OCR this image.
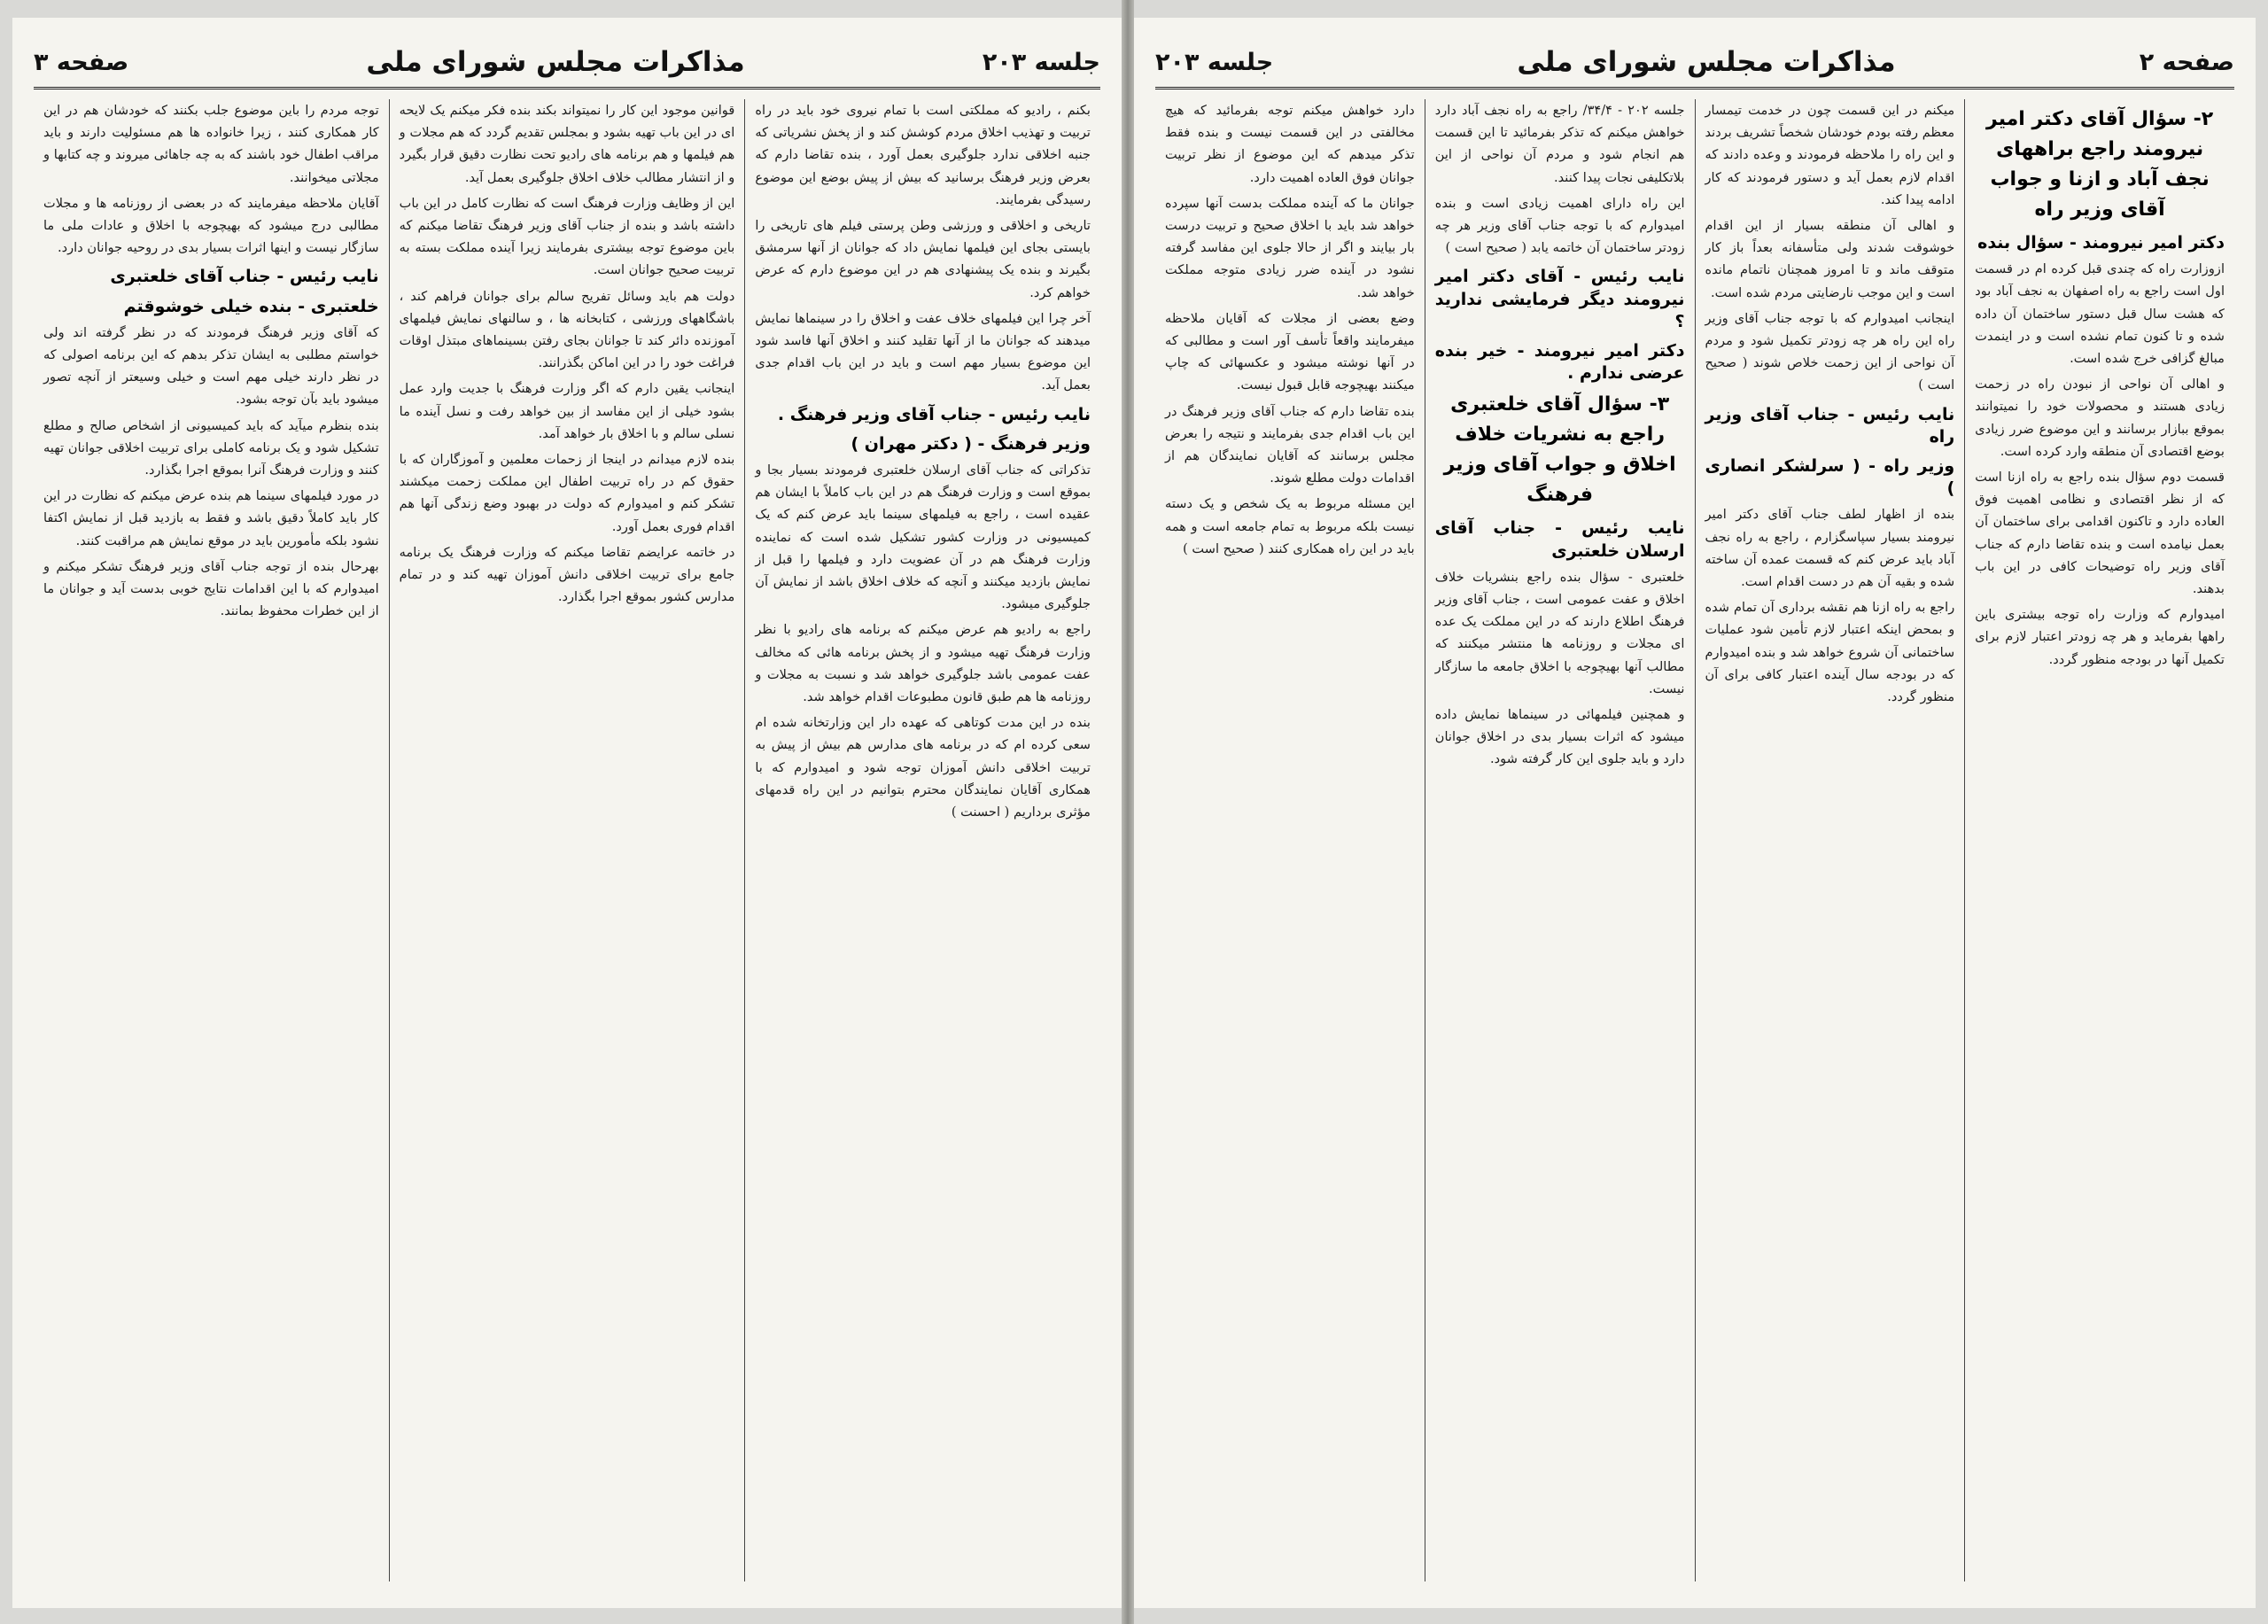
صفحه ۳	مذاکرات مجلس شورای ملی	جلسه ۲۰۳

بکنم ، رادیو که مملکتی است با تمام نیروی خود باید در راه تربیت و تهذیب اخلاق مردم کوشش کند و از پخش نشریاتی که جنبه اخلاقی ندارد جلوگیری بعمل آورد ، بنده تقاضا دارم که بعرض وزیر فرهنگ برسانید که بیش از پیش بوضع این موضوع رسیدگی بفرمایند.

تاریخی و اخلاقی و ورزشی وطن پرستی فیلم های تاریخی را بایستی بجای این فیلمها نمایش داد که جوانان از آنها سرمشق بگیرند و بنده یک پیشنهادی هم در این موضوع دارم که عرض خواهم کرد.

آخر چرا این فیلمهای خلاف عفت و اخلاق را در سینماها نمایش میدهند که جوانان ما از آنها تقلید کنند و اخلاق آنها فاسد شود این موضوع بسیار مهم است و باید در این باب اقدام جدی بعمل آید.

نایب رئیس - جناب آقای وزیر فرهنگ .
وزیر فرهنگ - ( دکتر مهران )

تذکراتی که جناب آقای ارسلان خلعتبری فرمودند بسیار بجا و بموقع است و وزارت فرهنگ هم در این باب کاملاً با ایشان هم عقیده است ، راجع به فیلمهای سینما باید عرض کنم که یک کمیسیونی در وزارت کشور تشکیل شده است که نماینده وزارت فرهنگ هم در آن عضویت دارد و فیلمها را قبل از نمایش بازدید میکنند و آنچه که خلاف اخلاق باشد از نمایش آن جلوگیری میشود.

راجع به رادیو هم عرض میکنم که برنامه های رادیو با نظر وزارت فرهنگ تهیه میشود و از پخش برنامه هائی که مخالف عفت عمومی باشد جلوگیری خواهد شد و نسبت به مجلات و روزنامه ها هم طبق قانون مطبوعات اقدام خواهد شد.

بنده در این مدت کوتاهی که عهده دار این وزارتخانه شده ام سعی کرده ام که در برنامه های مدارس هم بیش از پیش به تربیت اخلاقی دانش آموزان توجه شود و امیدوارم که با همکاری آقایان نمایندگان محترم بتوانیم در این راه قدمهای مؤثری برداریم ( احسنت )

قوانین موجود این کار را نمیتواند بکند بنده فکر میکنم یک لایحه ای در این باب تهیه بشود و بمجلس تقدیم گردد که هم مجلات و هم فیلمها و هم برنامه های رادیو تحت نظارت دقیق قرار بگیرد و از انتشار مطالب خلاف اخلاق جلوگیری بعمل آید.

این از وظایف وزارت فرهنگ است که نظارت کامل در این باب داشته باشد و بنده از جناب آقای وزیر فرهنگ تقاضا میکنم که باین موضوع توجه بیشتری بفرمایند زیرا آینده مملکت بسته به تربیت صحیح جوانان است.

دولت هم باید وسائل تفریح سالم برای جوانان فراهم کند ، باشگاههای ورزشی ، کتابخانه ها ، و سالنهای نمایش فیلمهای آموزنده دائر کند تا جوانان بجای رفتن بسینماهای مبتذل اوقات فراغت خود را در این اماکن بگذرانند.

اینجانب یقین دارم که اگر وزارت فرهنگ با جدیت وارد عمل بشود خیلی از این مفاسد از بین خواهد رفت و نسل آینده ما نسلی سالم و با اخلاق بار خواهد آمد.

بنده لازم میدانم در اینجا از زحمات معلمین و آموزگاران که با حقوق کم در راه تربیت اطفال این مملکت زحمت میکشند تشکر کنم و امیدوارم که دولت در بهبود وضع زندگی آنها هم اقدام فوری بعمل آورد.

در خاتمه عرایضم تقاضا میکنم که وزارت فرهنگ یک برنامه جامع برای تربیت اخلاقی دانش آموزان تهیه کند و در تمام مدارس کشور بموقع اجرا بگذارد.

توجه مردم را باین موضوع جلب بکنند که خودشان هم در این کار همکاری کنند ، زیرا خانواده ها هم مسئولیت دارند و باید مراقب اطفال خود باشند که به چه جاهائی میروند و چه کتابها و مجلاتی میخوانند.

آقایان ملاحظه میفرمایند که در بعضی از روزنامه ها و مجلات مطالبی درج میشود که بهیچوجه با اخلاق و عادات ملی ما سازگار نیست و اینها اثرات بسیار بدی در روحیه جوانان دارد.

نایب رئیس - جناب آقای خلعتبری
خلعتبری - بنده خیلی خوشوقتم

که آقای وزیر فرهنگ فرمودند که در نظر گرفته اند ولی خواستم مطلبی به ایشان تذکر بدهم که این برنامه اصولی که در نظر دارند خیلی مهم است و خیلی وسیعتر از آنچه تصور میشود باید بآن توجه بشود.

بنده بنظرم میآید که باید کمیسیونی از اشخاص صالح و مطلع تشکیل شود و یک برنامه کاملی برای تربیت اخلاقی جوانان تهیه کنند و وزارت فرهنگ آنرا بموقع اجرا بگذارد.

در مورد فیلمهای سینما هم بنده عرض میکنم که نظارت در این کار باید کاملاً دقیق باشد و فقط به بازدید قبل از نمایش اکتفا نشود بلکه مأمورین باید در موقع نمایش هم مراقبت کنند.

بهرحال بنده از توجه جناب آقای وزیر فرهنگ تشکر میکنم و امیدوارم که با این اقدامات نتایج خوبی بدست آید و جوانان ما از این خطرات محفوظ بمانند.

جلسه ۲۰۳	مذاکرات مجلس شورای ملی	صفحه ۲
۲- سؤال آقای دکتر امیر نیرومند راجع براههای نجف آباد و ازنا و جواب آقای وزیر راه
دکتر امیر نیرومند - سؤال بنده

ازوزارت راه که چندی قبل کرده ام در قسمت اول است راجع به راه اصفهان به نجف آباد بود که هشت سال قبل دستور ساختمان آن داده شده و تا کنون تمام نشده است و در اینمدت مبالغ گزافی خرج شده است.

و اهالی آن نواحی از نبودن راه در زحمت زیادی هستند و محصولات خود را نمیتوانند بموقع ببازار برسانند و این موضوع ضرر زیادی بوضع اقتصادی آن منطقه وارد کرده است.

قسمت دوم سؤال بنده راجع به راه ازنا است که از نظر اقتصادی و نظامی اهمیت فوق العاده دارد و تاکنون اقدامی برای ساختمان آن بعمل نیامده است و بنده تقاضا دارم که جناب آقای وزیر راه توضیحات کافی در این باب بدهند.

امیدوارم که وزارت راه توجه بیشتری باین راهها بفرماید و هر چه زودتر اعتبار لازم برای تکمیل آنها در بودجه منظور گردد.

میکنم در این قسمت چون در خدمت تیمسار معظم رفته بودم خودشان شخصاً تشریف بردند و این راه را ملاحظه فرمودند و وعده دادند که اقدام لازم بعمل آید و دستور فرمودند که کار ادامه پیدا کند.

و اهالی آن منطقه بسیار از این اقدام خوشوقت شدند ولی متأسفانه بعداً باز کار متوقف ماند و تا امروز همچنان ناتمام مانده است و این موجب نارضایتی مردم شده است.

اینجانب امیدوارم که با توجه جناب آقای وزیر راه این راه هر چه زودتر تکمیل شود و مردم آن نواحی از این زحمت خلاص شوند ( صحیح است )

نایب رئیس - جناب آقای وزیر راه
وزیر راه - ( سرلشکر انصاری )

بنده از اظهار لطف جناب آقای دکتر امیر نیرومند بسیار سپاسگزارم ، راجع به راه نجف آباد باید عرض کنم که قسمت عمده آن ساخته شده و بقیه آن هم در دست اقدام است.

راجع به راه ازنا هم نقشه برداری آن تمام شده و بمحض اینکه اعتبار لازم تأمین شود عملیات ساختمانی آن شروع خواهد شد و بنده امیدوارم که در بودجه سال آینده اعتبار کافی برای آن منظور گردد.

جلسه ۲۰۲ - ۳۴/۴/ راجع به راه نجف آباد دارد خواهش میکنم که تذکر بفرمائید تا این قسمت هم انجام شود و مردم آن نواحی از این بلاتکلیفی نجات پیدا کنند.

این راه دارای اهمیت زیادی است و بنده امیدوارم که با توجه جناب آقای وزیر هر چه زودتر ساختمان آن خاتمه یابد ( صحیح است )

نایب رئیس - آقای دکتر امیر نیرومند دیگر فرمایشی ندارید ؟
دکتر امیر نیرومند - خیر بنده عرضی ندارم .
۳- سؤال آقای خلعتبری راجع به نشریات خلاف اخلاق و جواب آقای وزیر فرهنگ
نایب رئیس - جناب آقای ارسلان خلعتبری

خلعتبری - سؤال بنده راجع بنشریات خلاف اخلاق و عفت عمومی است ، جناب آقای وزیر فرهنگ اطلاع دارند که در این مملکت یک عده ای مجلات و روزنامه ها منتشر میکنند که مطالب آنها بهیچوجه با اخلاق جامعه ما سازگار نیست.

و همچنین فیلمهائی در سینماها نمایش داده میشود که اثرات بسیار بدی در اخلاق جوانان دارد و باید جلوی این کار گرفته شود.

دارد خواهش میکنم توجه بفرمائید که هیچ مخالفتی در این قسمت نیست و بنده فقط تذکر میدهم که این موضوع از نظر تربیت جوانان فوق العاده اهمیت دارد.

جوانان ما که آینده مملکت بدست آنها سپرده خواهد شد باید با اخلاق صحیح و تربیت درست بار بیایند و اگر از حالا جلوی این مفاسد گرفته نشود در آینده ضرر زیادی متوجه مملکت خواهد شد.

وضع بعضی از مجلات که آقایان ملاحظه میفرمایند واقعاً تأسف آور است و مطالبی که در آنها نوشته میشود و عکسهائی که چاپ میکنند بهیچوجه قابل قبول نیست.

بنده تقاضا دارم که جناب آقای وزیر فرهنگ در این باب اقدام جدی بفرمایند و نتیجه را بعرض مجلس برسانند که آقایان نمایندگان هم از اقدامات دولت مطلع شوند.

این مسئله مربوط به یک شخص و یک دسته نیست بلکه مربوط به تمام جامعه است و همه باید در این راه همکاری کنند ( صحیح است )
